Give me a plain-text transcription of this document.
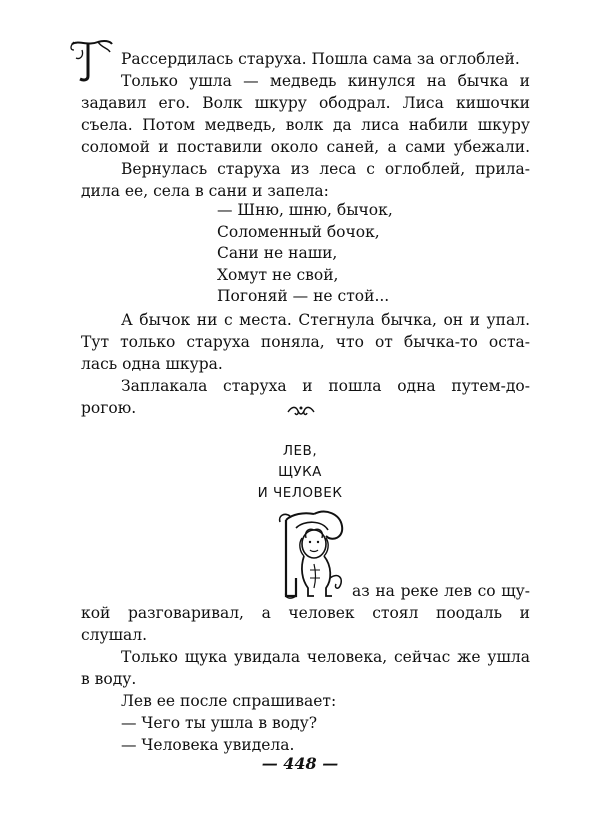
Рассердилась старуха. Пошла сама за оглоблей.

Только ушла — медведь кинулся на бычка и

задавил его. Волк шкуру ободрал. Лиса кишочки

съела. Потом медведь, волк да лиса набили шкуру

соломой и поставили около саней, а сами убежали.

Вернулась старуха из леса с оглоблей, прила-

дила ее, села в сани и запела:

— Шню, шню, бычок,

Соломенный бочок,

Сани не наши,

Хомут не свой,

Погоняй — не стой...

А бычок ни с места. Стегнула бычка, он и упал.

Тут только старуха поняла, что от бычка-то оста-

лась одна шкура.

Заплакала старуха и пошла одна путем-до-

рогою.

ЛЕВ,
ЩУКА
И ЧЕЛОВЕК

аз на реке лев со щу-

кой разговаривал, а человек стоял поодаль и

слушал.

Только щука увидала человека, сейчас же ушла

в воду.

Лев ее после спрашивает:

— Чего ты ушла в воду?

— Человека увидела.

— 448 —
